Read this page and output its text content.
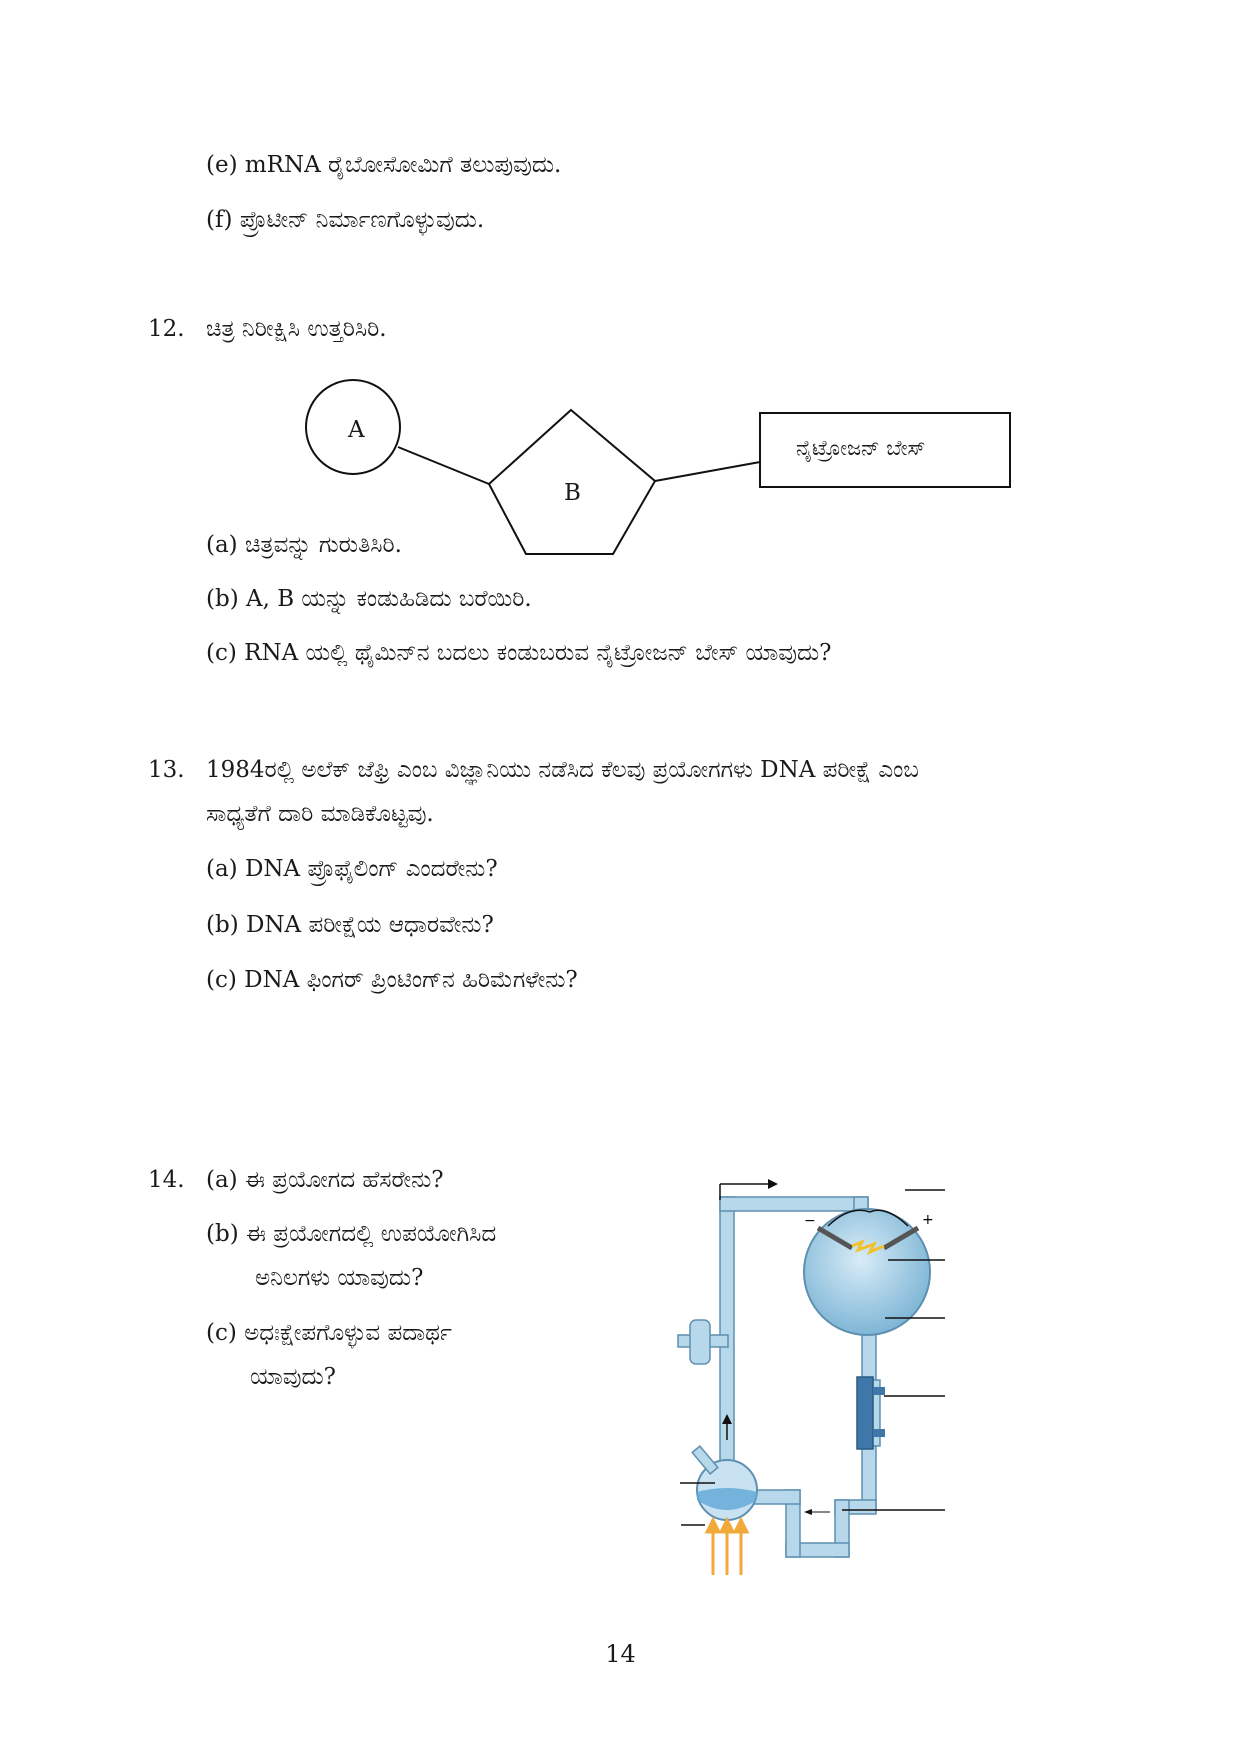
(e) mRNA ರೈಬೋಸೋಮಿಗೆ ತಲುಪುವುದು.
(f) ಪ್ರೊಟೀನ್ ನಿರ್ಮಾಣಗೊಳ್ಳುವುದು.
12. ಚಿತ್ರ ನಿರೀಕ್ಷಿಸಿ ಉತ್ತರಿಸಿರಿ.
A
B
ನೈಟ್ರೋಜನ್ ಬೇಸ್
(a) ಚಿತ್ರವನ್ನು ಗುರುತಿಸಿರಿ.
(b) A, B ಯನ್ನು ಕಂಡುಹಿಡಿದು ಬರೆಯಿರಿ.
(c) RNA ಯಲ್ಲಿ ಥೈಮಿನ್‌ನ ಬದಲು ಕಂಡುಬರುವ ನೈಟ್ರೋಜನ್ ಬೇಸ್ ಯಾವುದು?
13. 1984ರಲ್ಲಿ ಅಲೆಕ್ ಜೆಫ್ರಿ ಎಂಬ ವಿಜ್ಞಾನಿಯು ನಡೆಸಿದ ಕೆಲವು ಪ್ರಯೋಗಗಳು DNA ಪರೀಕ್ಷೆ ಎಂಬ
ಸಾಧ್ಯತೆಗೆ ದಾರಿ ಮಾಡಿಕೊಟ್ಟವು.
(a) DNA ಪ್ರೊಫೈಲಿಂಗ್ ಎಂದರೇನು?
(b) DNA ಪರೀಕ್ಷೆಯ ಆಧಾರವೇನು?
(c) DNA ಫಿಂಗರ್ ಪ್ರಿಂಟಿಂಗ್‌ನ ಹಿರಿಮೆಗಳೇನು?
14. (a) ಈ ಪ್ರಯೋಗದ ಹೆಸರೇನು?
(b) ಈ ಪ್ರಯೋಗದಲ್ಲಿ ಉಪಯೋಗಿಸಿದ
ಅನಿಲಗಳು ಯಾವುದು?
(c) ಅಧಃಕ್ಷೇಪಗೊಳ್ಳುವ ಪದಾರ್ಥ
ಯಾವುದು?
−	+
14
